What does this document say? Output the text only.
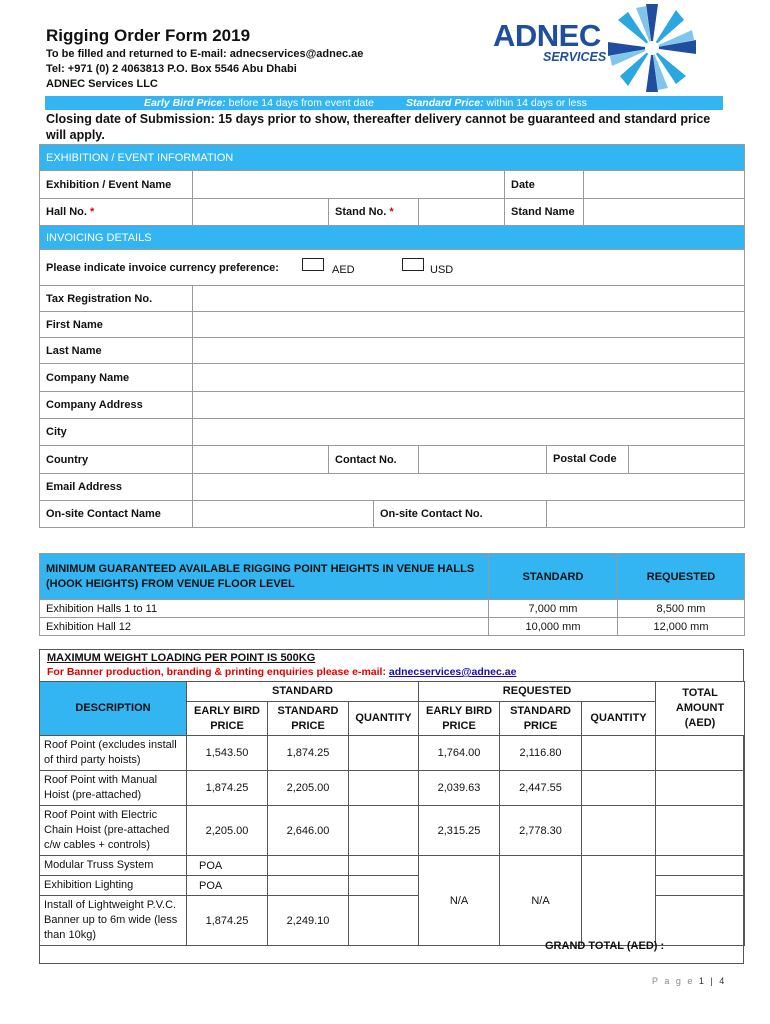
Rigging Order Form 2019
To be filled and returned to E-mail: adnecservices@adnec.ae
Tel: +971 (0) 2 4063813 P.O. Box 5546 Abu Dhabi
ADNEC Services LLC
ADNEC
SERVICES
Early Bird Price: before 14 days from event date	Standard Price: within 14 days or less
Closing date of Submission: 15 days prior to show, thereafter delivery cannot be guaranteed and standard price will apply.
EXHIBITION / EVENT INFORMATION							
Exhibition / Event Name					Date		
Hall No. *		Stand No. *			Stand Name		
INVOICING DETAILS							
Please indicate invoice currency preference: AED USD							

Tax Registration No.							
First Name							
Last Name							
Company Name							
Company Address							
City							
Country		Contact No.				Postal Code	
Email Address							
On-site Contact Name			On-site Contact No.				
MINIMUM GUARANTEED AVAILABLE RIGGING POINT HEIGHTS IN VENUE HALLS (HOOK HEIGHTS) FROM VENUE FLOOR LEVEL	STANDARD	REQUESTED
Exhibition Halls 1 to 11	7,000 mm	8,500 mm
Exhibition Hall 12	10,000 mm	12,000 mm
MAXIMUM WEIGHT LOADING PER POINT IS 500KG
For Banner production, branding & printing enquiries please e-mail: adnecservices@adnec.ae
DESCRIPTION	STANDARD			REQUESTED			TOTAL AMOUNT (AED)
	EARLY BIRD PRICE	STANDARD PRICE	QUANTITY	EARLY BIRD PRICE	STANDARD PRICE	QUANTITY	
Roof Point (excludes install of third party hoists)	1,543.50	1,874.25		1,764.00	2,116.80		
Roof Point with Manual Hoist (pre-attached)	1,874.25	2,205.00		2,039.63	2,447.55		
Roof Point with Electric Chain Hoist (pre-attached c/w cables + controls)	2,205.00	2,646.00		2,315.25	2,778.30		
Modular Truss System	POA			N/A	N/A		
Exhibition Lighting	POA						
Install of Lightweight P.V.C. Banner up to 6m wide (less than 10kg)	1,874.25	2,249.10					
GRAND TOTAL (AED) :
P a g e 1 | 4
